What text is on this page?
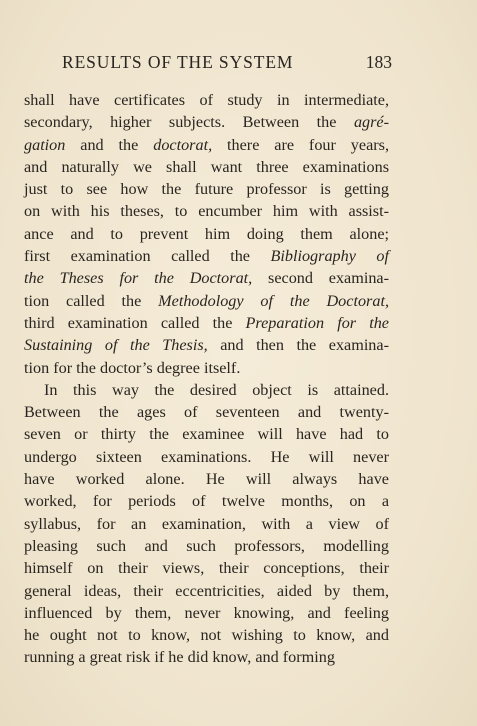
RESULTS OF THE SYSTEM	183
shall have certificates of study in intermediate,
secondary, higher subjects. Between the agré-
gation and the doctorat, there are four years,
and naturally we shall want three examinations
just to see how the future professor is getting
on with his theses, to encumber him with assist-
ance and to prevent him doing them alone;
first examination called the Bibliography of
the Theses for the Doctorat, second examina-
tion called the Methodology of the Doctorat,
third examination called the Preparation for the
Sustaining of the Thesis, and then the examina-
tion for the doctor’s degree itself.
In this way the desired object is attained.
Between the ages of seventeen and twenty-
seven or thirty the examinee will have had to
undergo sixteen examinations. He will never
have worked alone. He will always have
worked, for periods of twelve months, on a
syllabus, for an examination, with a view of
pleasing such and such professors, modelling
himself on their views, their conceptions, their
general ideas, their eccentricities, aided by them,
influenced by them, never knowing, and feeling
he ought not to know, not wishing to know, and
running a great risk if he did know, and forming
